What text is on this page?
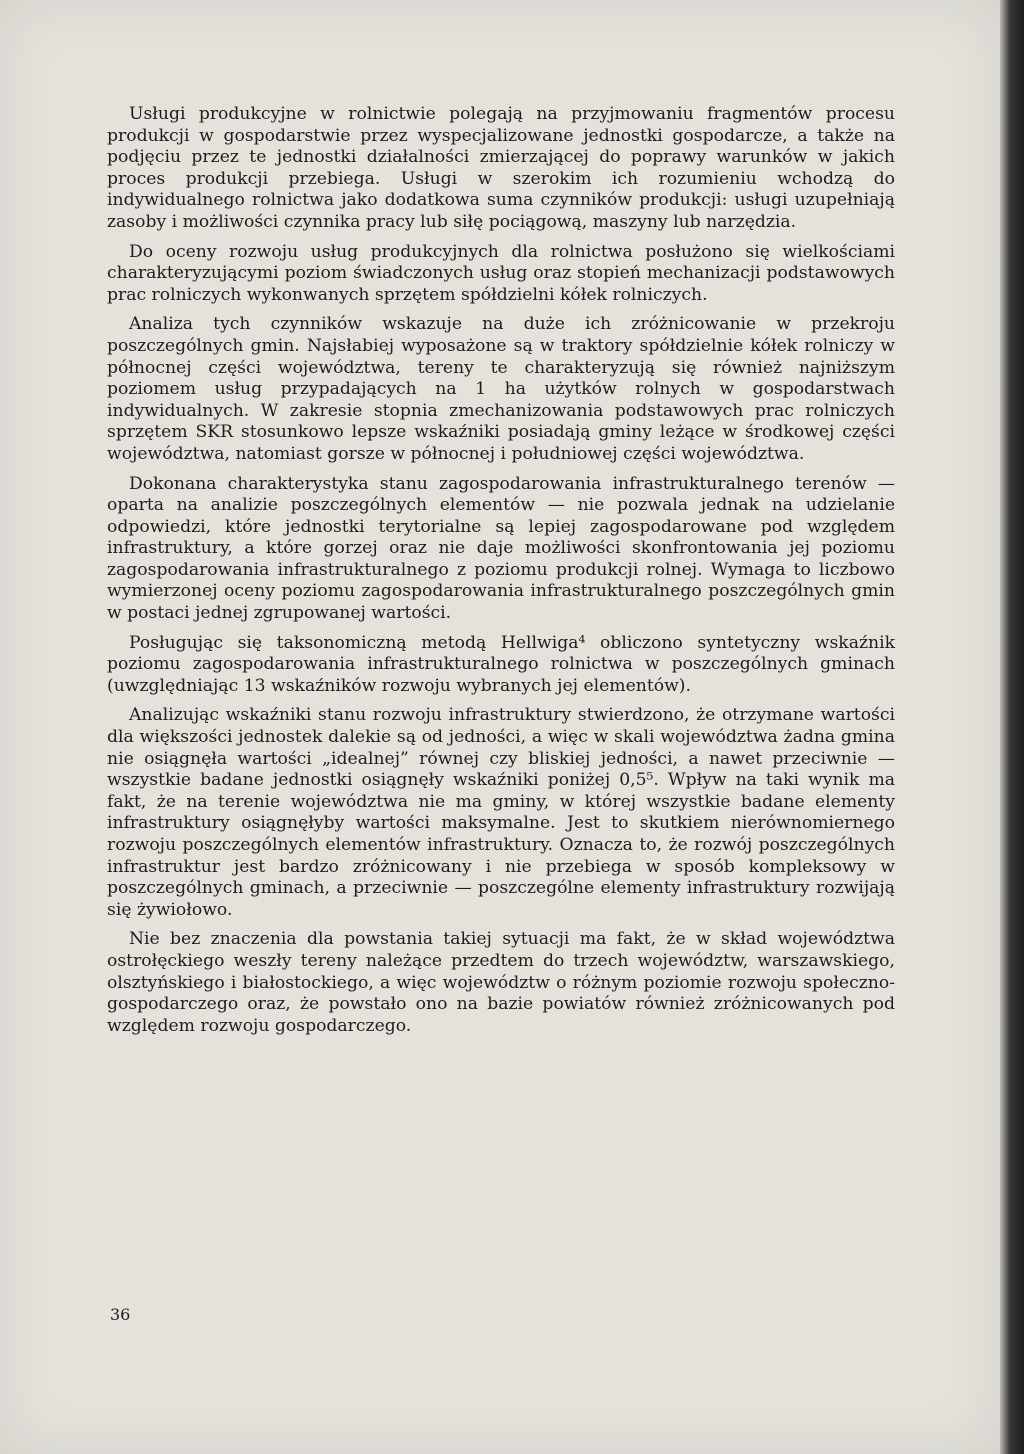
Usługi produkcyjne w rolnictwie polegają na przyjmowaniu fragmentów procesu produkcji w gospodarstwie przez wyspecjalizowane jednostki gospodarcze, a także na podjęciu przez te jednostki działalności zmierzającej do poprawy warunków w jakich proces produkcji przebiega. Usługi w szerokim ich rozumieniu wchodzą do indywidualnego rolnictwa jako dodatkowa suma czynników produkcji: usługi uzupełniają zasoby i możliwości czynnika pracy lub siłę pociągową, maszyny lub narzędzia.

Do oceny rozwoju usług produkcyjnych dla rolnictwa posłużono się wielkościami charakteryzującymi poziom świadczonych usług oraz stopień mechanizacji podstawowych prac rolniczych wykonwanych sprzętem spółdzielni kółek rolniczych.

Analiza tych czynników wskazuje na duże ich zróżnicowanie w przekroju poszczególnych gmin. Najsłabiej wyposażone są w traktory spółdzielnie kółek rolniczy w północnej części województwa, tereny te charakteryzują się również najniższym poziomem usług przypadających na 1 ha użytków rolnych w gospodarstwach indywidualnych. W zakresie stopnia zmechanizowania podstawowych prac rolniczych sprzętem SKR stosunkowo lepsze wskaźniki posiadają gminy leżące w środkowej części województwa, natomiast gorsze w północnej i południowej części województwa.

Dokonana charakterystyka stanu zagospodarowania infrastrukturalnego terenów — oparta na analizie poszczególnych elementów — nie pozwala jednak na udzielanie odpowiedzi, które jednostki terytorialne są lepiej zagospodarowane pod względem infrastruktury, a które gorzej oraz nie daje możliwości skonfrontowania jej poziomu zagospodarowania infrastrukturalnego z poziomu produkcji rolnej. Wymaga to liczbowo wymierzonej oceny poziomu zagospodarowania infrastrukturalnego poszczególnych gmin w postaci jednej zgrupowanej wartości.

Posługując się taksonomiczną metodą Hellwiga⁴ obliczono syntetyczny wskaźnik poziomu zagospodarowania infrastrukturalnego rolnictwa w poszczególnych gminach (uwzględniając 13 wskaźników rozwoju wybranych jej elementów).

Analizując wskaźniki stanu rozwoju infrastruktury stwierdzono, że otrzymane wartości dla większości jednostek dalekie są od jedności, a więc w skali województwa żadna gmina nie osiągnęła wartości „idealnej” równej czy bliskiej jedności, a nawet przeciwnie — wszystkie badane jednostki osiągnęły wskaźniki poniżej 0,5⁵. Wpływ na taki wynik ma fakt, że na terenie województwa nie ma gminy, w której wszystkie badane elementy infrastruktury osiągnęłyby wartości maksymalne. Jest to skutkiem nierównomiernego rozwoju poszczególnych elementów infrastruktury. Oznacza to, że rozwój poszczególnych infrastruktur jest bardzo zróżnicowany i nie przebiega w sposób kompleksowy w poszczególnych gminach, a przeciwnie — poszczególne elementy infrastruktury rozwijają się żywiołowo.

Nie bez znaczenia dla powstania takiej sytuacji ma fakt, że w skład województwa ostrołęckiego weszły tereny należące przedtem do trzech województw, warszawskiego, olsztyńskiego i białostockiego, a więc województw o różnym poziomie rozwoju społeczno-gospodarczego oraz, że powstało ono na bazie powiatów również zróżnicowanych pod względem rozwoju gospodarczego.

36
